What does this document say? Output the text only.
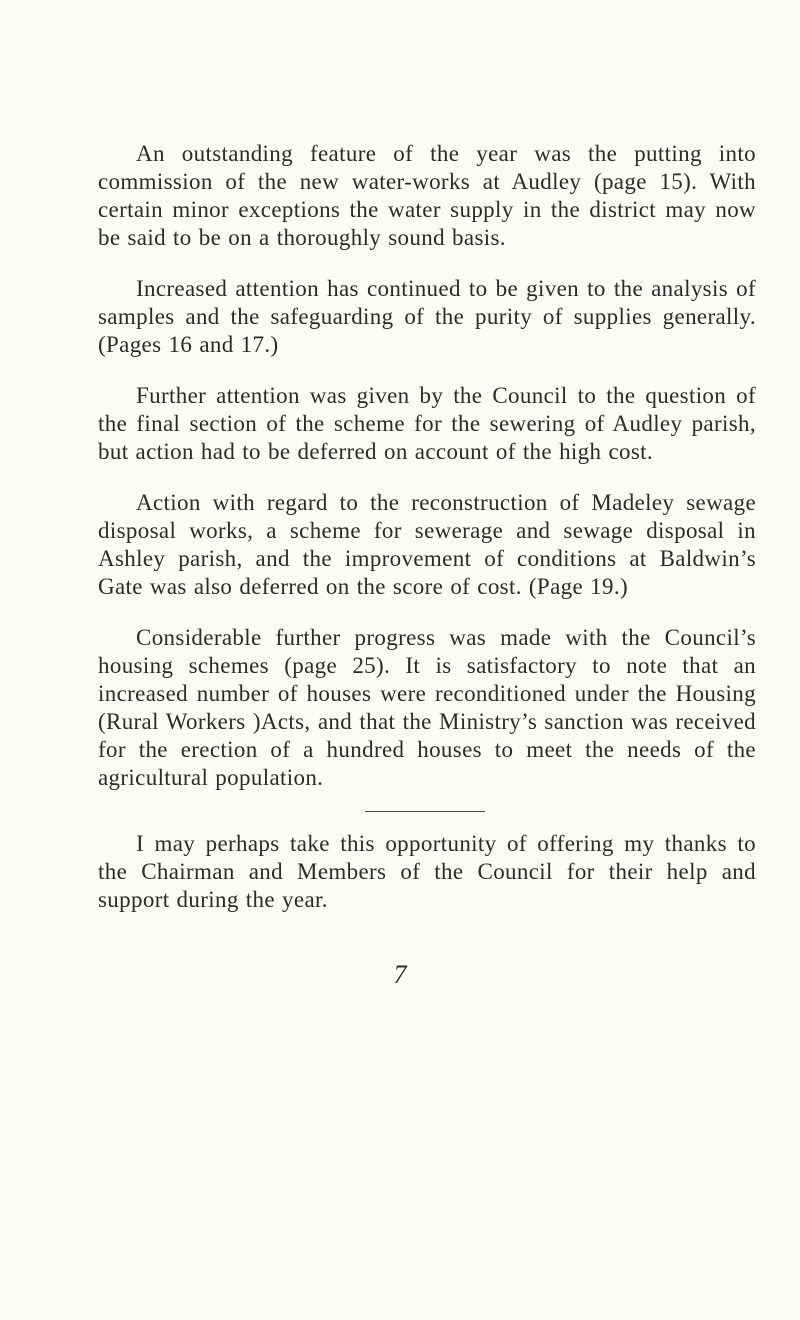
An outstanding feature of the year was the putting into commission of the new water-works at Audley (page 15). With certain minor exceptions the water supply in the district may now be said to be on a thoroughly sound basis.

Increased attention has continued to be given to the analysis of samples and the safeguarding of the purity of supplies generally. (Pages 16 and 17.)

Further attention was given by the Council to the question of the final section of the scheme for the sewering of Audley parish, but action had to be deferred on account of the high cost.

Action with regard to the reconstruction of Madeley sewage disposal works, a scheme for sewerage and sewage disposal in Ashley parish, and the improvement of conditions at Baldwin’s Gate was also deferred on the score of cost. (Page 19.)

Considerable further progress was made with the Council’s housing schemes (page 25). It is satisfactory to note that an increased number of houses were reconditioned under the Housing (Rural Workers )Acts, and that the Ministry’s sanction was received for the erection of a hundred houses to meet the needs of the agricultural population.

I may perhaps take this opportunity of offering my thanks to the Chairman and Members of the Council for their help and support during the year.

7
